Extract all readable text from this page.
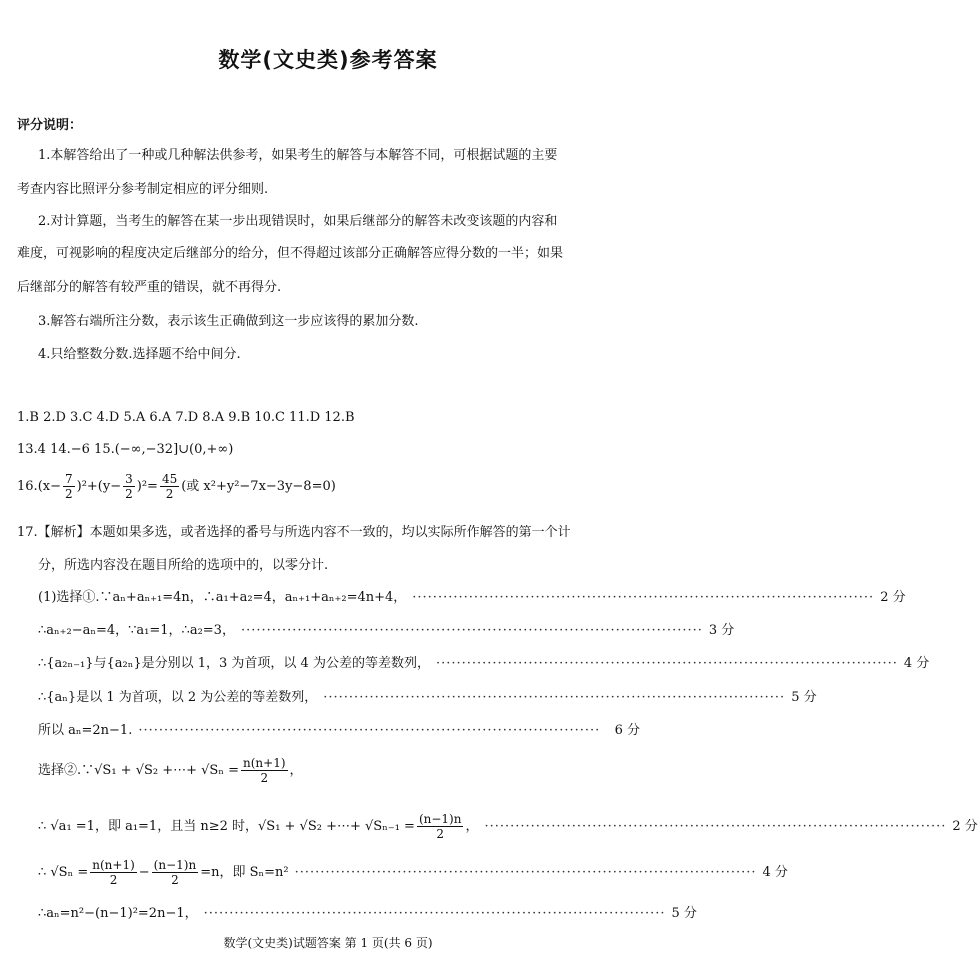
数学(文史类)参考答案
评分说明：
1.本解答给出了一种或几种解法供参考，如果考生的解答与本解答不同，可根据试题的主要
考查内容比照评分参考制定相应的评分细则.
2.对计算题，当考生的解答在某一步出现错误时，如果后继部分的解答未改变该题的内容和
难度，可视影响的程度决定后继部分的给分，但不得超过该部分正确解答应得分数的一半；如果
后继部分的解答有较严重的错误，就不再得分.
3.解答右端所注分数，表示该生正确做到这一步应该得的累加分数.
4.只给整数分数.选择题不给中间分.
1.B 2.D 3.C 4.D 5.A 6.A 7.D 8.A 9.B 10.C 11.D 12.B
13.4 14.−6 15.(−∞,−32]∪(0,+∞)
$16.(x- \frac{7}{2} )^2+(y- \frac{3}{2} )^2= \frac{45}{2}$ (或 x²+y²−7x−3y−8=0)
17.【解析】本题如果多选，或者选择的番号与所选内容不一致的，均以实际所作解答的第一个计
分，所选内容没在题目所给的选项中的，以零分计.
(1)选择①.∵aₙ+aₙ₊₁=4n，∴a₁+a₂=4，aₙ₊₁+aₙ₊₂=4n+4， ·························································································· 2 分
∴aₙ₊₂−aₙ=4，∵a₁=1，∴a₂=3， ·························································································· 3 分
∴{a₂ₙ₋₁}与{a₂ₙ}是分别以 1，3 为首项，以 4 为公差的等差数列， ·························································································· 4 分
∴{aₙ}是以 1 为首项，以 2 为公差的等差数列， ·························································································· 5 分
所以 aₙ=2n−1. ··························································································	6 分
选择②.∵√S₁ + √S₂ +⋯+ $√S_n = \frac{n(n+1)}{2}$ ，
∴ √a₁ =1，即 a₁=1，且当 n≥2 时，√S₁ + √S₂ +⋯+ $√S_{n-1} = \frac{(n-1)n}{2}$ ， ·························································································· 2 分
∴ $√S_n = \frac{n(n+1)}{2} - \frac{(n-1)n}{2} =n$，即 Sₙ=n² ·························································································· 4 分
∴aₙ=n²−(n−1)²=2n−1， ·························································································· 5 分
数学(文史类)试题答案 第 1 页(共 6 页)
